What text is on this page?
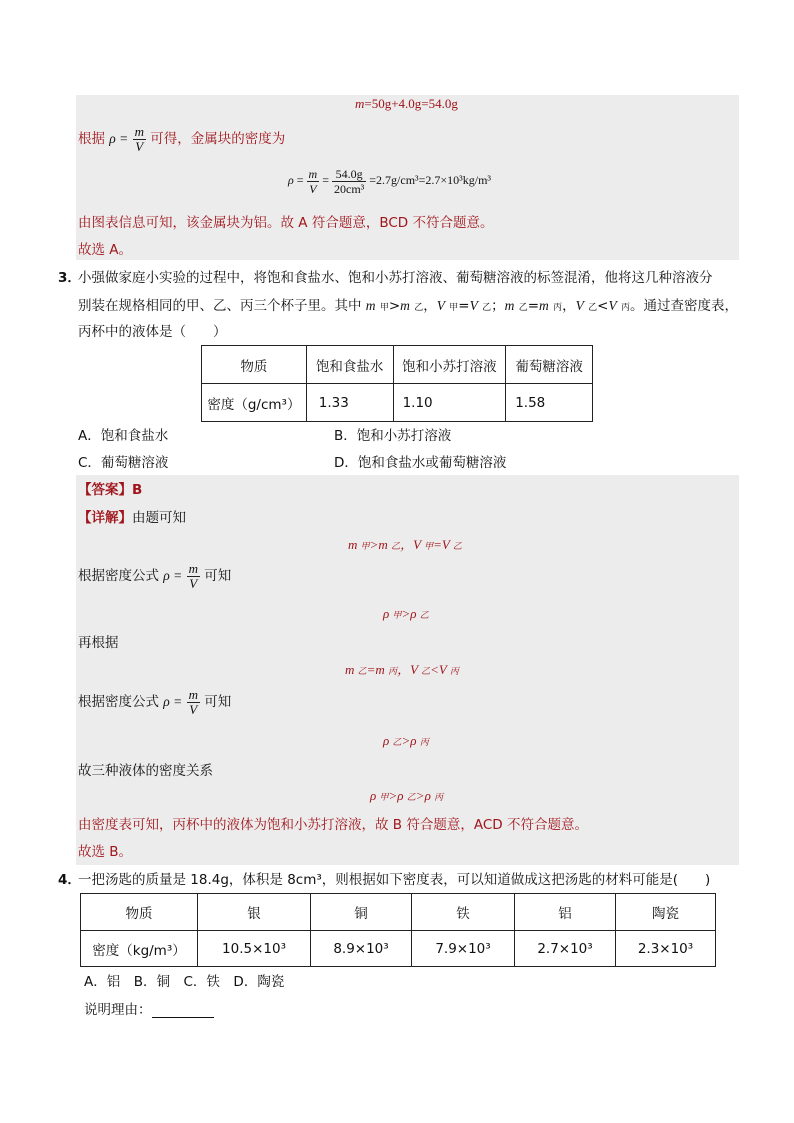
m=50g+4.0g=54.0g
根据 $\rho = \frac{m}{V}$ 可得，金属块的密度为
$\rho = \frac{m}{V} = \frac{54.0g}{\text{20cm³}} =2.7g/cm^3=2.7\times 10^3kg/m^3$
由图表信息可知，该金属块为铝。故 A 符合题意，BCD 不符合题意。
故选 A。
3．
小强做家庭小实验的过程中，将饱和食盐水、饱和小苏打溶液、葡萄糖溶液的标签混淆，他将这几种溶液分
别装在规格相同的甲、乙、丙三个杯子里。其中 m 甲>m 乙，V 甲=V 乙；m 乙=m 丙，V 乙<V 丙。通过查密度表，
丙杯中的液体是（　　）
物质	饱和食盐水	饱和小苏打溶液	葡萄糖溶液
密度（g/cm³）	1.33	1.10	1.58
A．饱和食盐水	B．饱和小苏打溶液
C．葡萄糖溶液	D．饱和食盐水或葡萄糖溶液
【答案】B
【详解】由题可知
m 甲>m 乙，V 甲=V 乙
根据密度公式 $\rho = \frac{m}{V}$ 可知
ρ 甲>ρ 乙
再根据
m 乙=m 丙，V 乙<V 丙
根据密度公式 $\rho = \frac{m}{V}$ 可知
ρ 乙>ρ 丙
故三种液体的密度关系
ρ 甲>ρ 乙>ρ 丙
由密度表可知，丙杯中的液体为饱和小苏打溶液，故 B 符合题意，ACD 不符合题意。
故选 B。
4．
一把汤匙的质量是 18.4g，体积是 8cm³，则根据如下密度表，可以知道做成这把汤匙的材料可能是(　　)
物质	银	铜	铁	铝	陶瓷
密度（kg/m³）	10.5×10³	8.9×10³	7.9×10³	2.7×10³	2.3×10³
A．铝　B．铜　C．铁　D．陶瓷
说明理由：
